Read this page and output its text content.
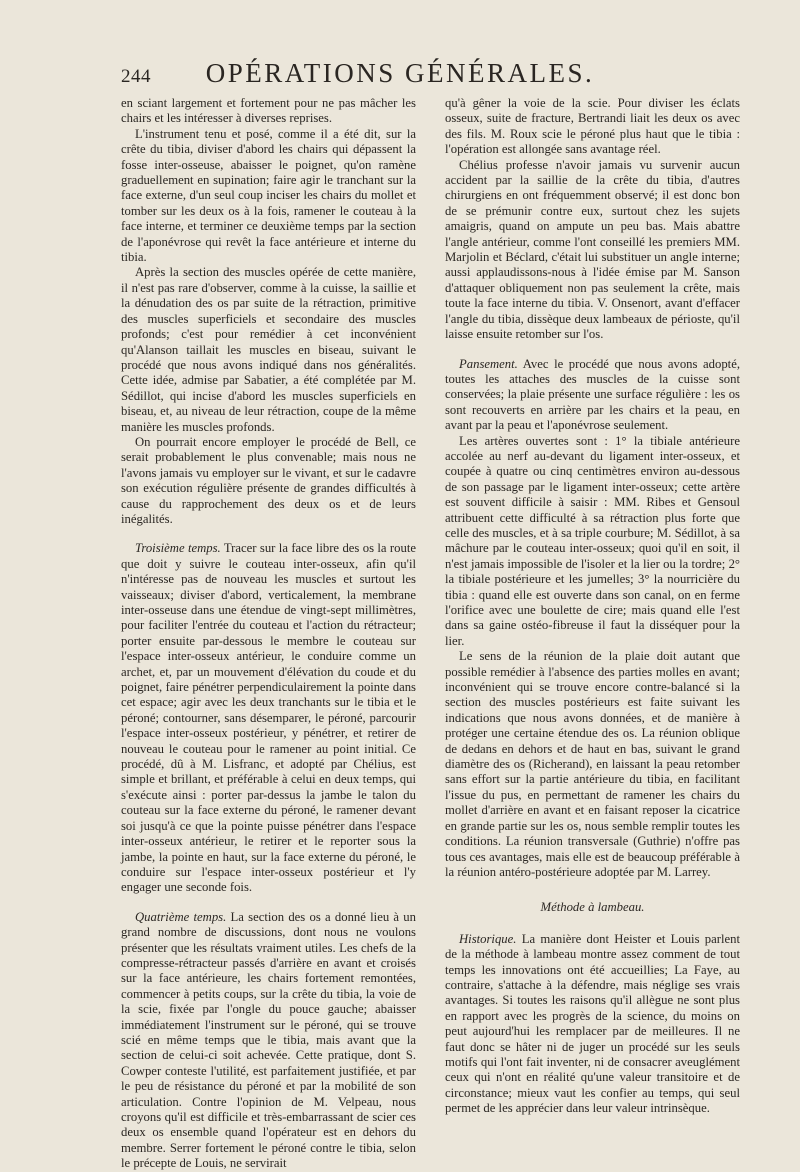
244	OPÉRATIONS GÉNÉRALES.

en sciant largement et fortement pour ne pas mâcher les chairs et les intéresser à diverses reprises.

L'instrument tenu et posé, comme il a été dit, sur la crête du tibia, diviser d'abord les chairs qui dépassent la fosse inter-osseuse, abaisser le poignet, qu'on ramène graduellement en supination; faire agir le tranchant sur la face externe, d'un seul coup inciser les chairs du mollet et tomber sur les deux os à la fois, ramener le couteau à la face interne, et terminer ce deuxième temps par la section de l'aponévrose qui revêt la face antérieure et interne du tibia.

Après la section des muscles opérée de cette manière, il n'est pas rare d'observer, comme à la cuisse, la saillie et la dénudation des os par suite de la rétraction, primitive des muscles superficiels et secondaire des muscles profonds; c'est pour remédier à cet inconvénient qu'Alanson taillait les muscles en biseau, suivant le procédé que nous avons indiqué dans nos généralités. Cette idée, admise par Sabatier, a été complétée par M. Sédillot, qui incise d'abord les muscles superficiels en biseau, et, au niveau de leur rétraction, coupe de la même manière les muscles profonds.

On pourrait encore employer le procédé de Bell, ce serait probablement le plus convenable; mais nous ne l'avons jamais vu employer sur le vivant, et sur le cadavre son exécution régulière présente de grandes difficultés à cause du rapprochement des deux os et de leurs inégalités.

Troisième temps. Tracer sur la face libre des os la route que doit y suivre le couteau inter-osseux, afin qu'il n'intéresse pas de nouveau les muscles et surtout les vaisseaux; diviser d'abord, verticalement, la membrane inter-osseuse dans une étendue de vingt-sept millimètres, pour faciliter l'entrée du couteau et l'action du rétracteur; porter ensuite par-dessous le membre le couteau sur l'espace inter-osseux antérieur, le conduire comme un archet, et, par un mouvement d'élévation du coude et du poignet, faire pénétrer perpendiculairement la pointe dans cet espace; agir avec les deux tranchants sur le tibia et le péroné; contourner, sans désemparer, le péroné, parcourir l'espace inter-osseux postérieur, y pénétrer, et retirer de nouveau le couteau pour le ramener au point initial. Ce procédé, dû à M. Lisfranc, et adopté par Chélius, est simple et brillant, et préférable à celui en deux temps, qui s'exécute ainsi : porter par-dessus la jambe le talon du couteau sur la face externe du péroné, le ramener devant soi jusqu'à ce que la pointe puisse pénétrer dans l'espace inter-osseux antérieur, le retirer et le reporter sous la jambe, la pointe en haut, sur la face externe du péroné, le conduire sur l'espace inter-osseux postérieur et l'y engager une seconde fois.

Quatrième temps. La section des os a donné lieu à un grand nombre de discussions, dont nous ne voulons présenter que les résultats vraiment utiles. Les chefs de la compresse-rétracteur passés d'arrière en avant et croisés sur la face antérieure, les chairs fortement remontées, commencer à petits coups, sur la crête du tibia, la voie de la scie, fixée par l'ongle du pouce gauche; abaisser immédiatement l'instrument sur le péroné, qui se trouve scié en même temps que le tibia, mais avant que la section de celui-ci soit achevée. Cette pratique, dont S. Cowper conteste l'utilité, est parfaitement justifiée, et par le peu de résistance du péroné et par la mobilité de son articulation. Contre l'opinion de M. Velpeau, nous croyons qu'il est difficile et très-embarrassant de scier ces deux os ensemble quand l'opérateur est en dehors du membre. Serrer fortement le péroné contre le tibia, selon le précepte de Louis, ne servirait

qu'à gêner la voie de la scie. Pour diviser les éclats osseux, suite de fracture, Bertrandi liait les deux os avec des fils. M. Roux scie le péroné plus haut que le tibia : l'opération est allongée sans avantage réel.

Chélius professe n'avoir jamais vu survenir aucun accident par la saillie de la crête du tibia, d'autres chirurgiens en ont fréquemment observé; il est donc bon de se prémunir contre eux, surtout chez les sujets amaigris, quand on ampute un peu bas. Mais abattre l'angle antérieur, comme l'ont conseillé les premiers MM. Marjolin et Béclard, c'était lui substituer un angle interne; aussi applaudissons-nous à l'idée émise par M. Sanson d'attaquer obliquement non pas seulement la crête, mais toute la face interne du tibia. V. Onsenort, avant d'effacer l'angle du tibia, dissèque deux lambeaux de périoste, qu'il laisse ensuite retomber sur l'os.

Pansement. Avec le procédé que nous avons adopté, toutes les attaches des muscles de la cuisse sont conservées; la plaie présente une surface régulière : les os sont recouverts en arrière par les chairs et la peau, en avant par la peau et l'aponévrose seulement.

Les artères ouvertes sont : 1° la tibiale antérieure accolée au nerf au-devant du ligament inter-osseux, et coupée à quatre ou cinq centimètres environ au-dessous de son passage par le ligament inter-osseux; cette artère est souvent difficile à saisir : MM. Ribes et Gensoul attribuent cette difficulté à sa rétraction plus forte que celle des muscles, et à sa triple courbure; M. Sédillot, à sa mâchure par le couteau inter-osseux; quoi qu'il en soit, il n'est jamais impossible de l'isoler et la lier ou la tordre; 2° la tibiale postérieure et les jumelles; 3° la nourricière du tibia : quand elle est ouverte dans son canal, on en ferme l'orifice avec une boulette de cire; mais quand elle l'est dans sa gaine ostéo-fibreuse il faut la disséquer pour la lier.

Le sens de la réunion de la plaie doit autant que possible remédier à l'absence des parties molles en avant; inconvénient qui se trouve encore contre-balancé si la section des muscles postérieurs est faite suivant les indications que nous avons données, et de manière à protéger une certaine étendue des os. La réunion oblique de dedans en dehors et de haut en bas, suivant le grand diamètre des os (Richerand), en laissant la peau retomber sans effort sur la partie antérieure du tibia, en facilitant l'issue du pus, en permettant de ramener les chairs du mollet d'arrière en avant et en faisant reposer la cicatrice en grande partie sur les os, nous semble remplir toutes les conditions. La réunion transversale (Guthrie) n'offre pas tous ces avantages, mais elle est de beaucoup préférable à la réunion antéro-postérieure adoptée par M. Larrey.

Méthode à lambeau.

Historique. La manière dont Heister et Louis parlent de la méthode à lambeau montre assez comment de tout temps les innovations ont été accueillies; La Faye, au contraire, s'attache à la défendre, mais néglige ses vrais avantages. Si toutes les raisons qu'il allègue ne sont plus en rapport avec les progrès de la science, du moins on peut aujourd'hui les remplacer par de meilleures. Il ne faut donc se hâter ni de juger un procédé sur les seuls motifs qui l'ont fait inventer, ni de consacrer aveuglément ceux qui n'ont en réalité qu'une valeur transitoire et de circonstance; mieux vaut les confier au temps, qui seul permet de les apprécier dans leur valeur intrinsèque.
